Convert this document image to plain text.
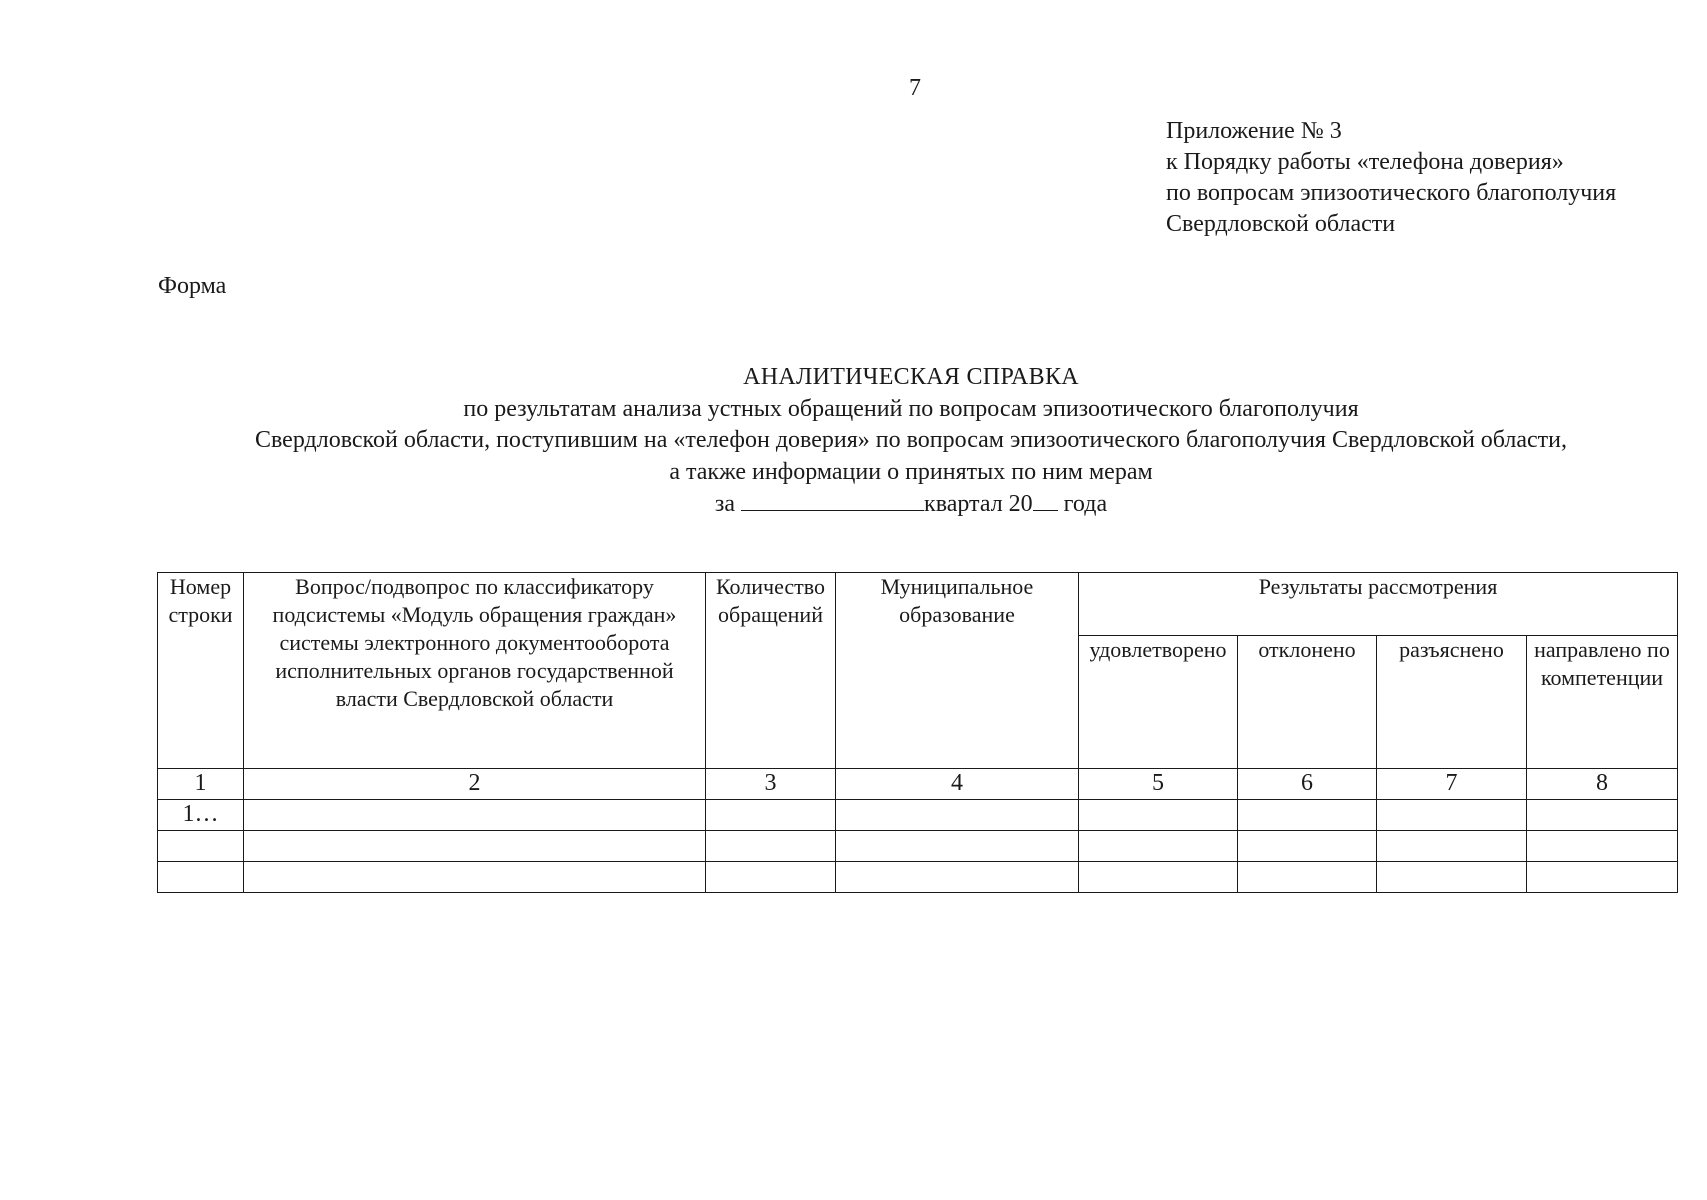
7
Приложение № 3
к Порядку работы «телефона доверия»
по вопросам эпизоотического благополучия
Свердловской области
Форма
АНАЛИТИЧЕСКАЯ СПРАВКА
по результатам анализа устных обращений по вопросам эпизоотического благополучия
Свердловской области, поступившим на «телефон доверия» по вопросам эпизоотического благополучия Свердловской области,
а также информации о принятых по ним мерам
за	квартал 20 года
Номер строки	Вопрос/подвопрос по классификатору подсистемы «Модуль обращения граждан» системы электронного документооборота исполнительных органов государственной власти Свердловской области	Количество обращений	Муниципальное образование	Результаты рассмотрения			
				удовлетворено	отклонено	разъяснено	направлено по компетенции
1	2	3	4	5	6	7	8
1…							
